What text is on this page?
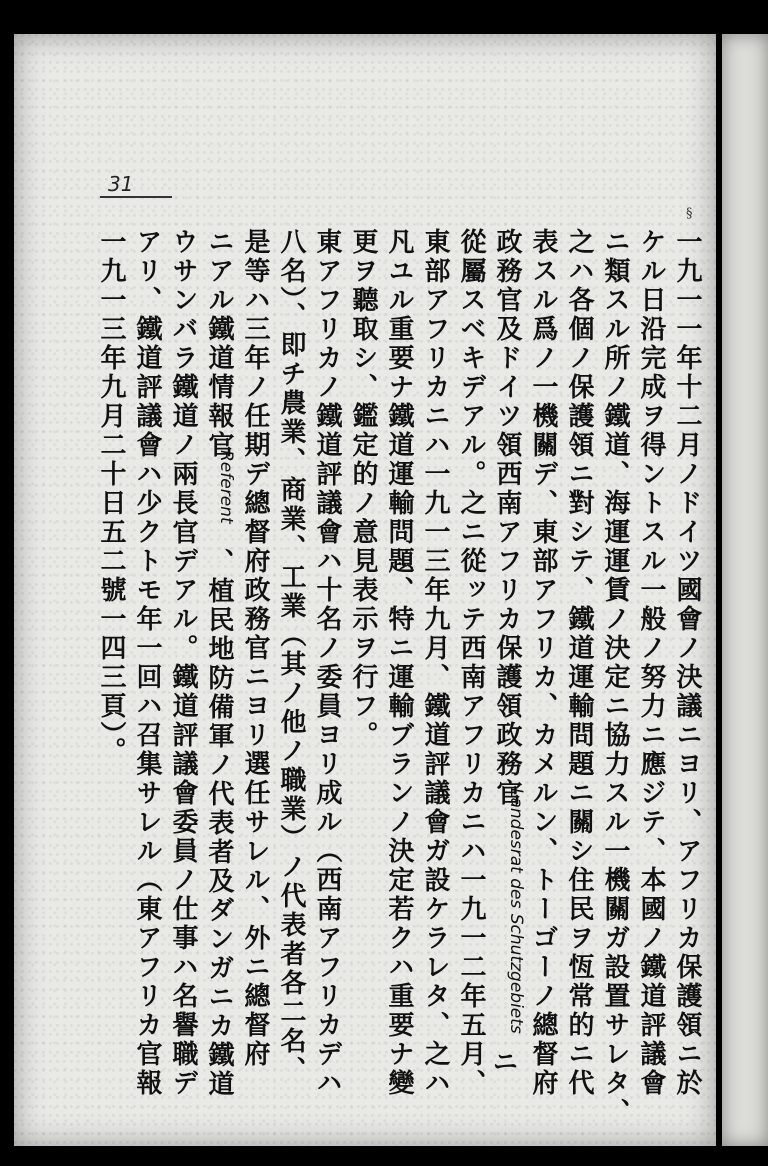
31
§
一九一一年十二月ノドイツ國會ノ決議ニヨリ、アフリカ保護領ニ於
ケル日沿完成ヲ得ントスル一般ノ努力ニ應ジテ、本國ノ鐵道評議會
ニ類スル所ノ鐵道、海運運賃ノ決定ニ協力スル一機關ガ設置サレタ、
之ハ各個ノ保護領ニ對シテ、鐵道運輸問題ニ關シ住民ヲ恆常的ニ代
表スル爲ノ一機關デ、東部アフリカ、カメルン、トーゴーノ總督府
政務官及ドイツ領西南アフリカ保護領政務官
Landesrat des Schutzgebiets
ニ
從屬スベキデアル。之ニ從ッテ西南アフリカニハ一九一二年五月、
東部アフリカニハ一九一三年九月、鐵道評議會ガ設ケラレタ、之ハ
凡ユル重要ナ鐵道運輸問題、特ニ運輸ブランノ決定若クハ重要ナ變
更ヲ聽取シ、鑑定的ノ意見表示ヲ行フ。
東アフリカノ鐵道評議會ハ十名ノ委員ヨリ成ル（西南アフリカデハ
八名）、即チ農業、商業、工業（其ノ他ノ職業）ノ代表者各二名、
是等ハ三年ノ任期デ總督府政務官ニヨリ選任サレル、外ニ總督府
ニアル鐵道情報官
Referent
、植民地防備軍ノ代表者及ダンガニカ鐵道
ウサンバラ鐵道ノ兩長官デアル。鐵道評議會委員ノ仕事ハ名譽職デ
アリ、鐵道評議會ハ少クトモ年一回ハ召集サレル（東アフリカ官報
一九一三年九月二十日五二號一四三頁）。
